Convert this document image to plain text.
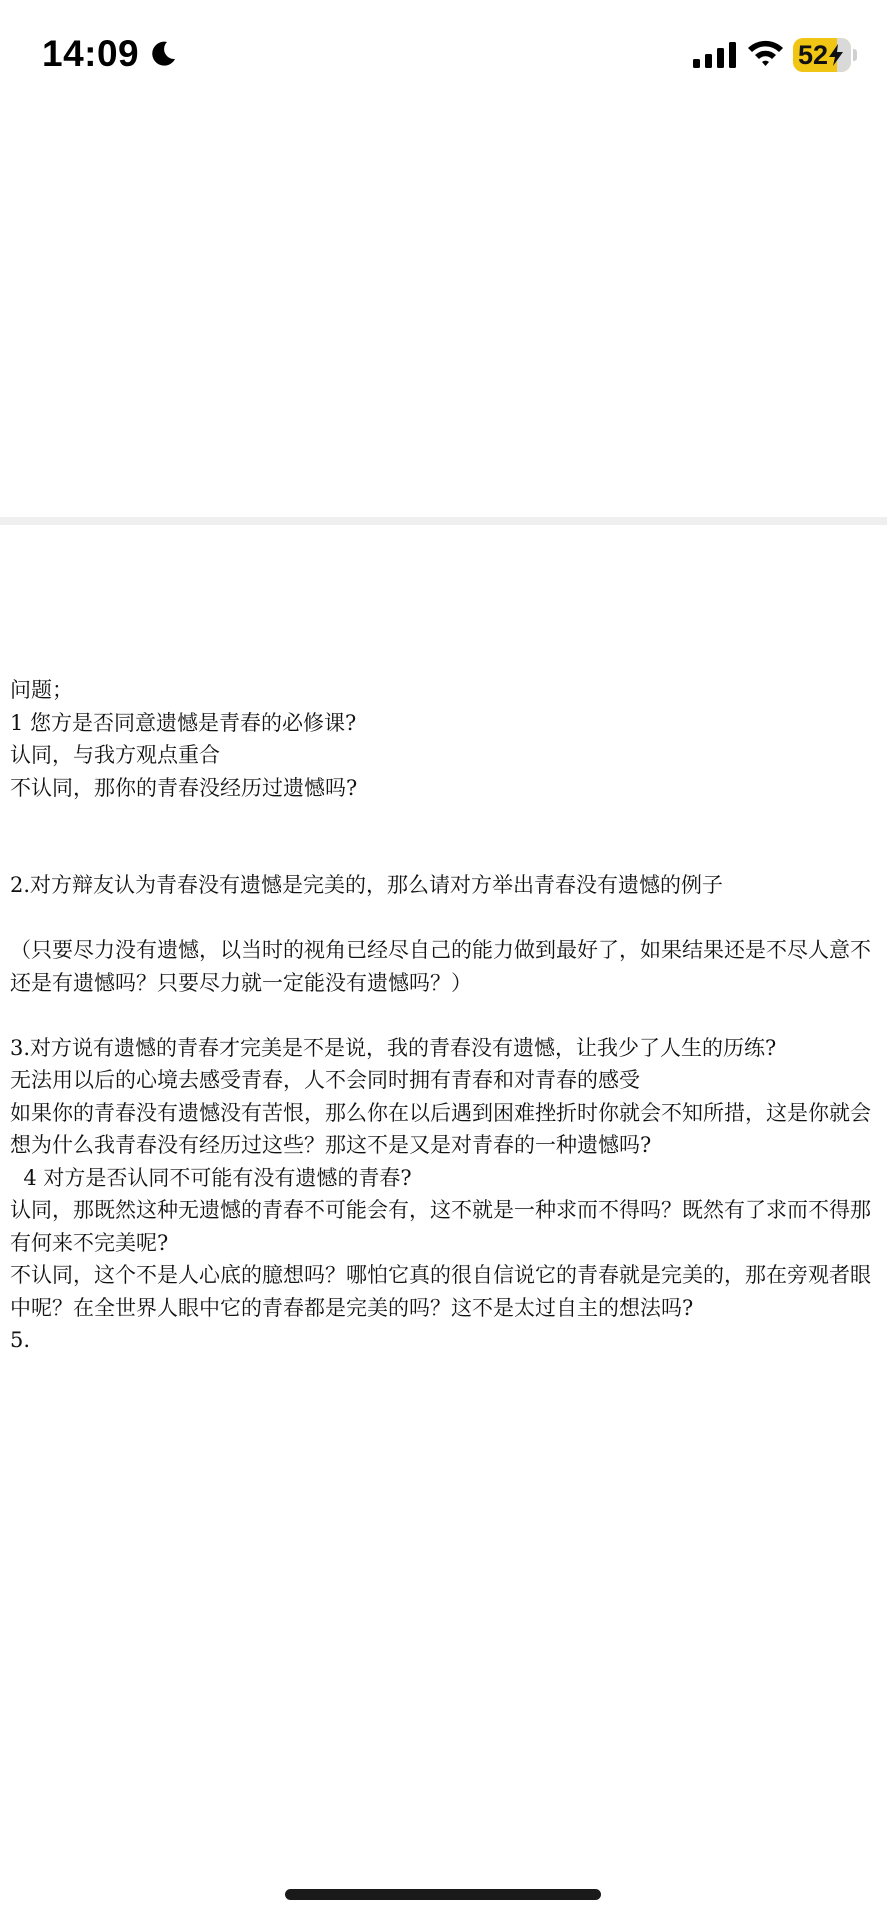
14:09	52

问题；

1 您方是否同意遗憾是青春的必修课?

认同，与我方观点重合

不认同，那你的青春没经历过遗憾吗?

2.对方辩友认为青春没有遗憾是完美的，那么请对方举出青春没有遗憾的例子

（只要尽力没有遗憾，以当时的视角已经尽自己的能力做到最好了，如果结果还是不尽人意不还是有遗憾吗？只要尽力就一定能没有遗憾吗？）

3.对方说有遗憾的青春才完美是不是说，我的青春没有遗憾，让我少了人生的历练?

无法用以后的心境去感受青春，人不会同时拥有青春和对青春的感受

如果你的青春没有遗憾没有苦恨，那么你在以后遇到困难挫折时你就会不知所措，这是你就会想为什么我青春没有经历过这些？那这不是又是对青春的一种遗憾吗?

4 对方是否认同不可能有没有遗憾的青春?

认同，那既然这种无遗憾的青春不可能会有，这不就是一种求而不得吗？既然有了求而不得那有何来不完美呢?

不认同，这个不是人心底的臆想吗？哪怕它真的很自信说它的青春就是完美的，那在旁观者眼中呢？在全世界人眼中它的青春都是完美的吗？这不是太过自主的想法吗?

5.
